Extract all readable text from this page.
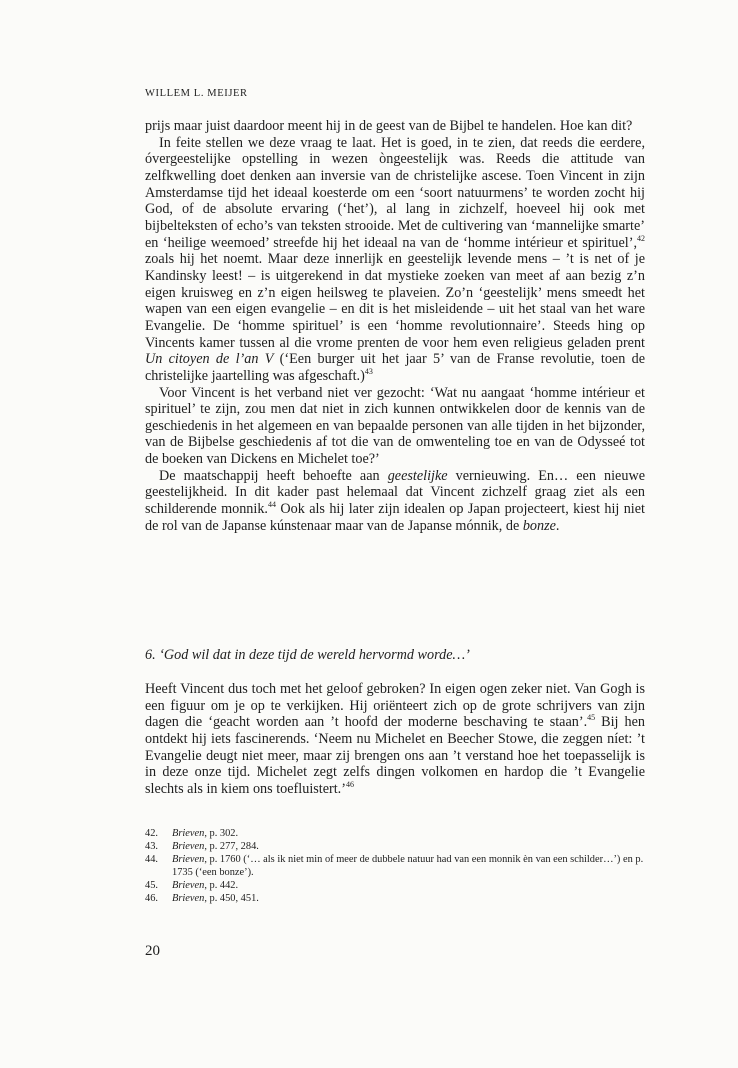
WILLEM L. MEIJER

prijs maar juist daardoor meent hij in de geest van de Bijbel te handelen. Hoe kan dit?

In feite stellen we deze vraag te laat. Het is goed, in te zien, dat reeds die eerdere, óvergeestelijke opstelling in wezen òngeestelijk was. Reeds die attitude van zelfkwelling doet denken aan inversie van de christelijke ascese. Toen Vincent in zijn Amsterdamse tijd het ideaal koesterde om een ‘soort natuurmens’ te worden zocht hij God, of de absolute ervaring (‘het’), al lang in zichzelf, hoeveel hij ook met bijbelteksten of echo’s van teksten strooide. Met de cultivering van ‘mannelijke smarte’ en ‘heilige weemoed’ streefde hij het ideaal na van de ‘homme intérieur et spirituel’,$^{42}$ zoals hij het noemt. Maar deze innerlijk en geestelijk levende mens – ’t is net of je Kandinsky leest! – is uitgerekend in dat mystieke zoeken van meet af aan bezig z’n eigen kruisweg en z’n eigen heilsweg te plaveien. Zo’n ‘geestelijk’ mens smeedt het wapen van een eigen evangelie – en dit is het misleidende – uit het staal van het ware Evangelie. De ‘homme spirituel’ is een ‘homme revolutionnaire’. Steeds hing op Vincents kamer tussen al die vrome prenten de voor hem even religieus geladen prent Un citoyen de l’an V (‘Een burger uit het jaar 5’ van de Franse revolutie, toen de christelijke jaartelling was afgeschaft.)$^{43}$

Voor Vincent is het verband niet ver gezocht: ‘Wat nu aangaat ‘homme intérieur et spirituel’ te zijn, zou men dat niet in zich kunnen ontwikkelen door de kennis van de geschiedenis in het algemeen en van bepaalde personen van alle tijden in het bijzonder, van de Bijbelse geschiedenis af tot die van de omwenteling toe en van de Odysseé tot de boeken van Dickens en Michelet toe?’

De maatschappij heeft behoefte aan geestelijke vernieuwing. En… een nieuwe geestelijkheid. In dit kader past helemaal dat Vincent zichzelf graag ziet als een schilderende monnik.$^{44}$ Ook als hij later zijn idealen op Japan projecteert, kiest hij niet de rol van de Japanse kúnstenaar maar van de Japanse mónnik, de bonze.

6. ‘God wil dat in deze tijd de wereld hervormd worde…’

Heeft Vincent dus toch met het geloof gebroken? In eigen ogen zeker niet. Van Gogh is een figuur om je op te verkijken. Hij oriënteert zich op de grote schrijvers van zijn dagen die ‘geacht worden aan ’t hoofd der moderne beschaving te staan’.$^{45}$ Bij hen ontdekt hij iets fascinerends. ‘Neem nu Michelet en Beecher Stowe, die zeggen níet: ’t Evangelie deugt niet meer, maar zij brengen ons aan ’t verstand hoe het toepasselijk is in deze onze tijd. Michelet zegt zelfs dingen volkomen en hardop die ’t Evangelie slechts als in kiem ons toefluistert.’$^{46}$

42. Brieven, p. 302.
43. Brieven, p. 277, 284.
44. Brieven, p. 1760 (‘… als ik niet min of meer de dubbele natuur had van een monnik èn van een schilder…’) en p. 1735 (‘een bonze’).
45. Brieven, p. 442.
46. Brieven, p. 450, 451.
20
